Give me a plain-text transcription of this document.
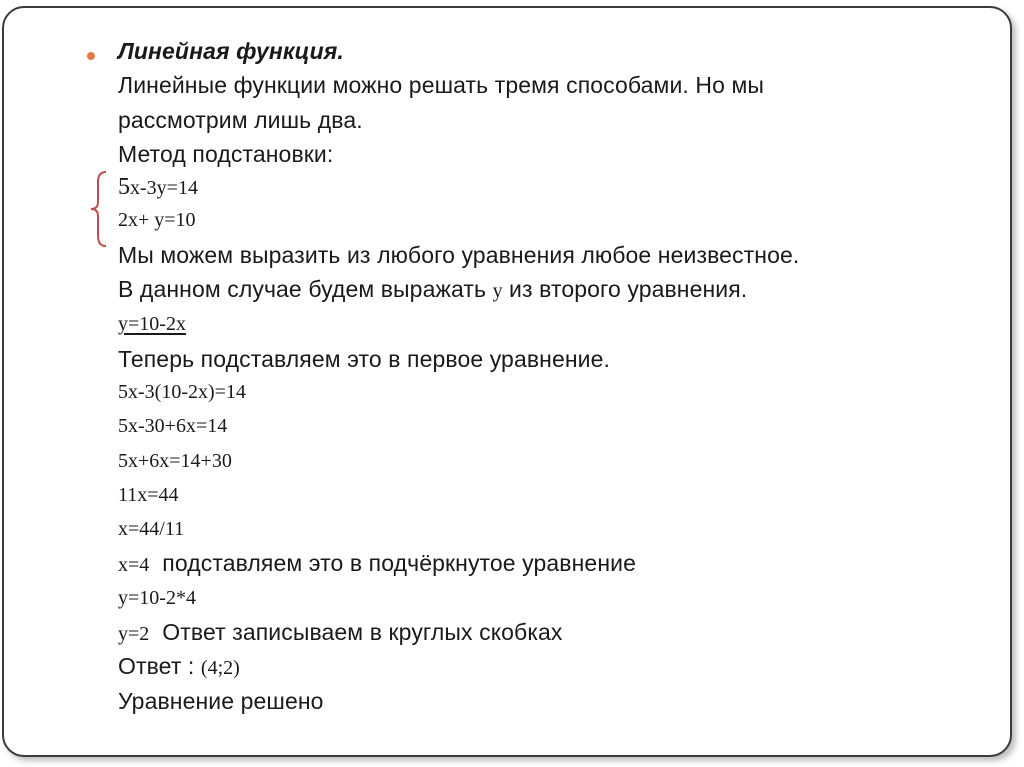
Линейная функция.
Линейные функции можно решать тремя способами. Но мы
рассмотрим лишь два.
Метод подстановки:
5x-3y=14
2x+ y=10
Мы можем выразить из любого уравнения любое неизвестное.
В данном случае будем выражать y из второго уравнения.
y=10-2x
Теперь подставляем это в первое уравнение.
5x-3(10-2x)=14
5x-30+6x=14
5x+6x=14+30
11x=44
x=44/11
x=4  подставляем это в подчёркнутое уравнение
y=10-2*4
y=2  Ответ записываем в круглых скобках
Ответ : (4;2)
Уравнение решено
